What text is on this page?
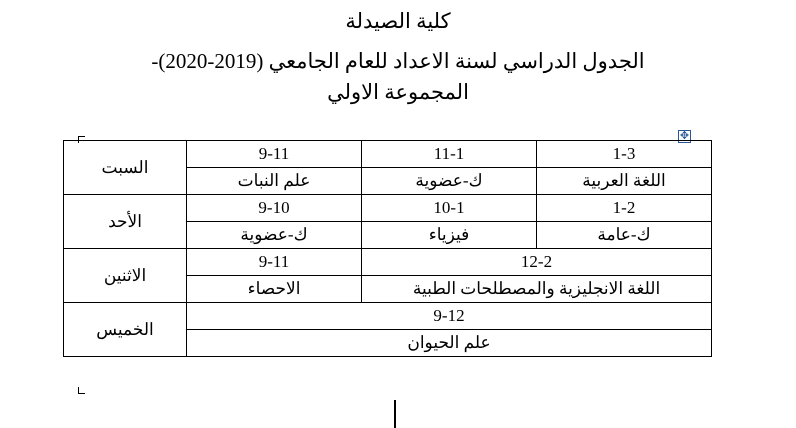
كلية الصيدلة
الجدول الدراسي لسنة الاعداد للعام الجامعي (2019-2020)-
المجموعة الاولي
✥
1-3	11-1	9-11	السبت
اللغة العربية	ك-عضوية	علم النبات	
1-2	10-1	9-10	الأحد
ك-عامة	فيزياء	ك-عضوية	
12-2		9-11	الاثنين
اللغة الانجليزية والمصطلحات الطبية		الاحصاء	
9-12			الخميس
علم الحيوان			
